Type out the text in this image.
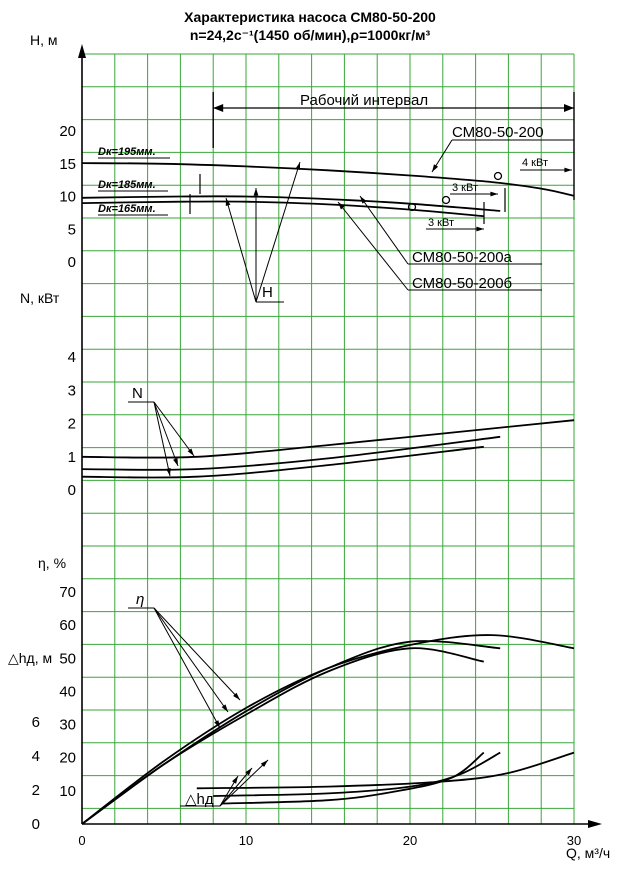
0	10	20	30
0
5
10
15
20
0
1
2
3
4
10
20
30
40
50
60
70
0
2
4
6
Характеристика насоса СМ80-50-200
n=24,2с⁻¹(1450 об/мин),ρ=1000кг/м³
Н, м
N, кВт
η, %
△hд, м
Q, м³/ч
Рабочий интервал
Dк=195мм.
Dк=185мм.
Dк=165мм.
СМ80-50-200
СМ80-50-200а
СМ80-50-200б
4 кВт
3 кВт
3 кВт
Н
N
η
△hд
